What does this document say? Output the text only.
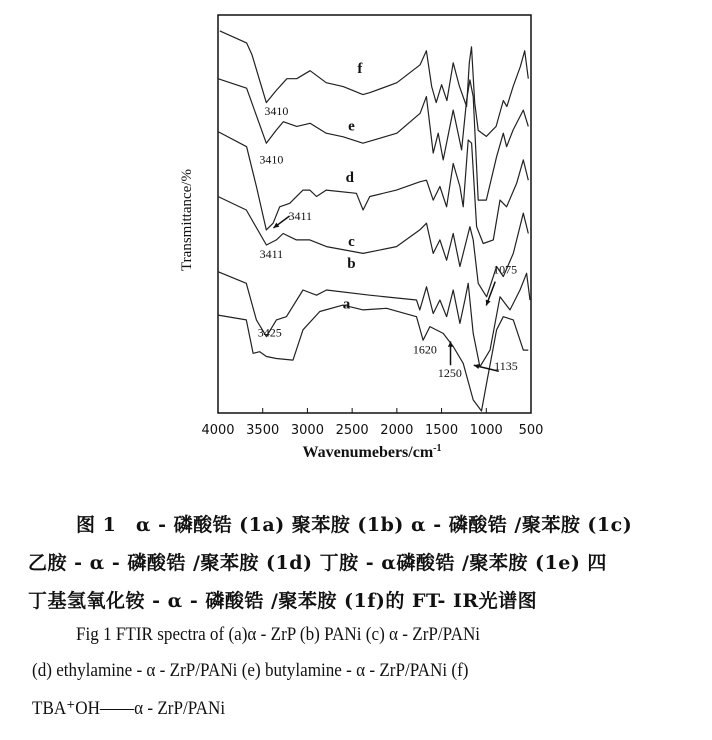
4000 3500 3000 2500 2000 1500 1000 500
f
e
d
c
b
a
3410
3410
3411
3411
3425
1620
1250	1135
1075
Transmittance/%
Wavenumebers/$cm^{-1}$
图 1　α - 磷酸锆 (1a) 聚苯胺 (1b) α - 磷酸锆 /聚苯胺 (1c)
乙胺 - α - 磷酸锆 /聚苯胺 (1d) 丁胺 - α磷酸锆 /聚苯胺 (1e) 四
丁基氢氧化铵 - α - 磷酸锆 /聚苯胺 (1f)的 FT- IR光谱图
Fig 1 FTIR spectra of (a)α - ZrP (b) PANi (c) α - ZrP/PANi
(d) ethylamine - α - ZrP/PANi (e) butylamine - α - ZrP/PANi (f)
TBA⁺OH——α - ZrP/PANi
